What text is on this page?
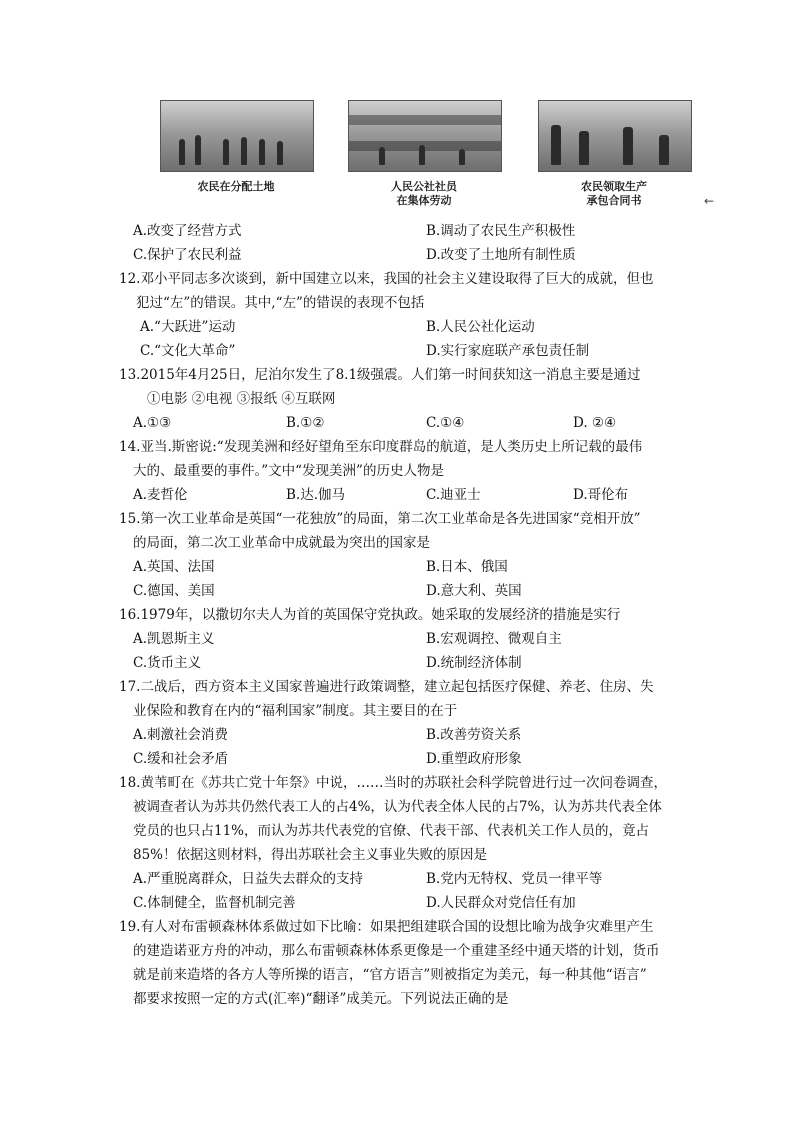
农民在分配土地	人民公社社员
在集体劳动
农民领取生产
承包合同书	←
A.改变了经营方式	B.调动了农民生产积极性
C.保护了农民利益	D.改变了土地所有制性质
12.邓小平同志多次谈到，新中国建立以来，我国的社会主义建设取得了巨大的成就，但也
犯过“左”的错误。其中,“左”的错误的表现不包括
A.“大跃进”运动	B.人民公社化运动
C.“文化大革命”	D.实行家庭联产承包责任制
13.2015年4月25日，尼泊尔发生了8.1级强震。人们第一时间获知这一消息主要是通过
①电影 ②电视 ③报纸 ④互联网
A.①③	B.①②	C.①④	D. ②④
14.亚当.斯密说:“发现美洲和经好望角至东印度群岛的航道，是人类历史上所记载的最伟
大的、最重要的事件。”文中“发现美洲”的历史人物是
A.麦哲伦	B.达.伽马	C.迪亚士	D.哥伦布
15.第一次工业革命是英国“一花独放”的局面，第二次工业革命是各先进国家“竞相开放”
的局面，第二次工业革命中成就最为突出的国家是
A.英国、法国	B.日本、俄国
C.德国、美国	D.意大利、英国
16.1979年，以撒切尔夫人为首的英国保守党执政。她采取的发展经济的措施是实行
A.凯恩斯主义	B.宏观调控、微观自主
C.货币主义	D.统制经济体制
17.二战后，西方资本主义国家普遍进行政策调整，建立起包括医疗保健、养老、住房、失
业保险和教育在内的“福利国家”制度。其主要目的在于
A.刺激社会消费	B.改善劳资关系
C.缓和社会矛盾	D.重塑政府形象
18.黄苇町在《苏共亡党十年祭》中说，……当时的苏联社会科学院曾进行过一次问卷调查，
被调查者认为苏共仍然代表工人的占4%，认为代表全体人民的占7%，认为苏共代表全体
党员的也只占11%，而认为苏共代表党的官僚、代表干部、代表机关工作人员的，竟占
85%！依据这则材料，得出苏联社会主义事业失败的原因是
A.严重脱离群众，日益失去群众的支持	B.党内无特权、党员一律平等
C.体制健全，监督机制完善	D.人民群众对党信任有加
19.有人对布雷顿森林体系做过如下比喻：如果把组建联合国的设想比喻为战争灾难里产生
的建造诺亚方舟的冲动，那么布雷顿森林体系更像是一个重建圣经中通天塔的计划，货币
就是前来造塔的各方人等所操的语言，“官方语言”则被指定为美元，每一种其他“语言”
都要求按照一定的方式(汇率)“翻译”成美元。下列说法正确的是
